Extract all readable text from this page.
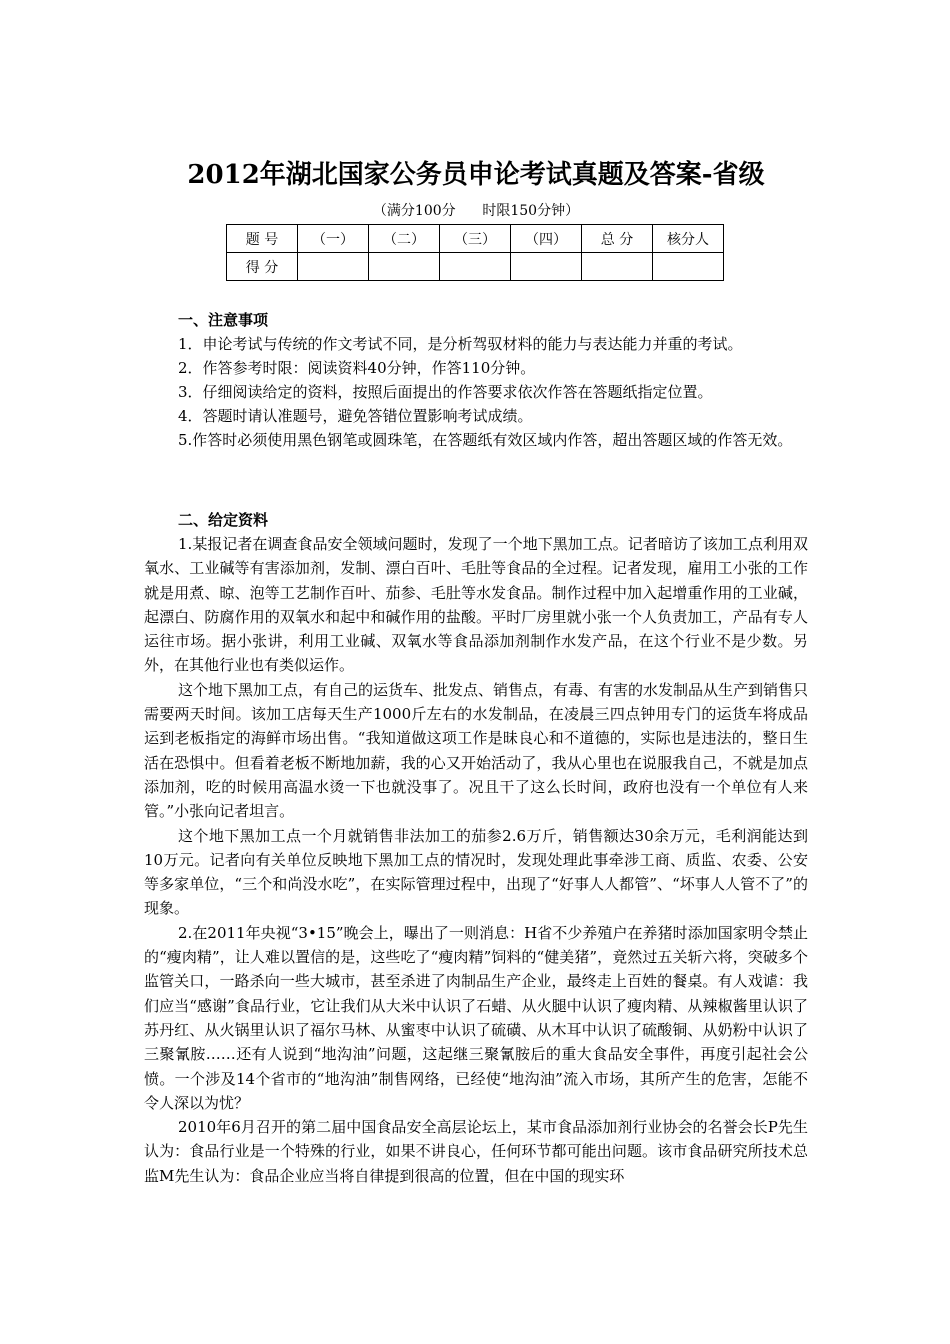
2012年湖北国家公务员申论考试真题及答案-省级
（满分100分      时限150分钟）
题 号	（一）	（二）	（三）	（四）	总 分	核分人
得 分						
一、注意事项

1．申论考试与传统的作文考试不同，是分析驾驭材料的能力与表达能力并重的考试。

2．作答参考时限：阅读资料40分钟，作答110分钟。

3．仔细阅读给定的资料，按照后面提出的作答要求依次作答在答题纸指定位置。

4．答题时请认准题号，避免答错位置影响考试成绩。

5.作答时必须使用黑色钢笔或圆珠笔，在答题纸有效区域内作答，超出答题区域的作答无效。

二、给定资料

1.某报记者在调查食品安全领域问题时，发现了一个地下黑加工点。记者暗访了该加工点利用双氧水、工业碱等有害添加剂，发制、漂白百叶、毛肚等食品的全过程。记者发现，雇用工小张的工作就是用煮、晾、泡等工艺制作百叶、茄参、毛肚等水发食品。制作过程中加入起增重作用的工业碱，起漂白、防腐作用的双氧水和起中和碱作用的盐酸。平时厂房里就小张一个人负责加工，产品有专人运往市场。据小张讲，利用工业碱、双氧水等食品添加剂制作水发产品，在这个行业不是少数。另外，在其他行业也有类似运作。

这个地下黑加工点，有自己的运货车、批发点、销售点，有毒、有害的水发制品从生产到销售只需要两天时间。该加工店每天生产1000斤左右的水发制品，在凌晨三四点钟用专门的运货车将成品运到老板指定的海鲜市场出售。“我知道做这项工作是昧良心和不道德的，实际也是违法的，整日生活在恐惧中。但看着老板不断地加薪，我的心又开始活动了，我从心里也在说服我自己，不就是加点添加剂，吃的时候用高温水烫一下也就没事了。况且干了这么长时间，政府也没有一个单位有人来管。”小张向记者坦言。

这个地下黑加工点一个月就销售非法加工的茄参2.6万斤，销售额达30余万元，毛利润能达到10万元。记者向有关单位反映地下黑加工点的情况时，发现处理此事牵涉工商、质监、农委、公安等多家单位，“三个和尚没水吃”，在实际管理过程中，出现了“好事人人都管”、“坏事人人管不了”的现象。

2.在2011年央视“3•15”晚会上，曝出了一则消息：H省不少养殖户在养猪时添加国家明令禁止的“瘦肉精”，让人难以置信的是，这些吃了“瘦肉精”饲料的“健美猪”，竟然过五关斩六将，突破多个监管关口，一路杀向一些大城市，甚至杀进了肉制品生产企业，最终走上百姓的餐桌。有人戏谑：我们应当“感谢”食品行业，它让我们从大米中认识了石蜡、从火腿中认识了瘦肉精、从辣椒酱里认识了苏丹红、从火锅里认识了福尔马林、从蜜枣中认识了硫磺、从木耳中认识了硫酸铜、从奶粉中认识了三聚氰胺……还有人说到“地沟油”问题，这起继三聚氰胺后的重大食品安全事件，再度引起社会公愤。一个涉及14个省市的“地沟油”制售网络，已经使“地沟油”流入市场，其所产生的危害，怎能不令人深以为忧？

2010年6月召开的第二届中国食品安全高层论坛上，某市食品添加剂行业协会的名誉会长P先生认为：食品行业是一个特殊的行业，如果不讲良心，任何环节都可能出问题。该市食品研究所技术总监M先生认为：食品企业应当将自律提到很高的位置，但在中国的现实环
